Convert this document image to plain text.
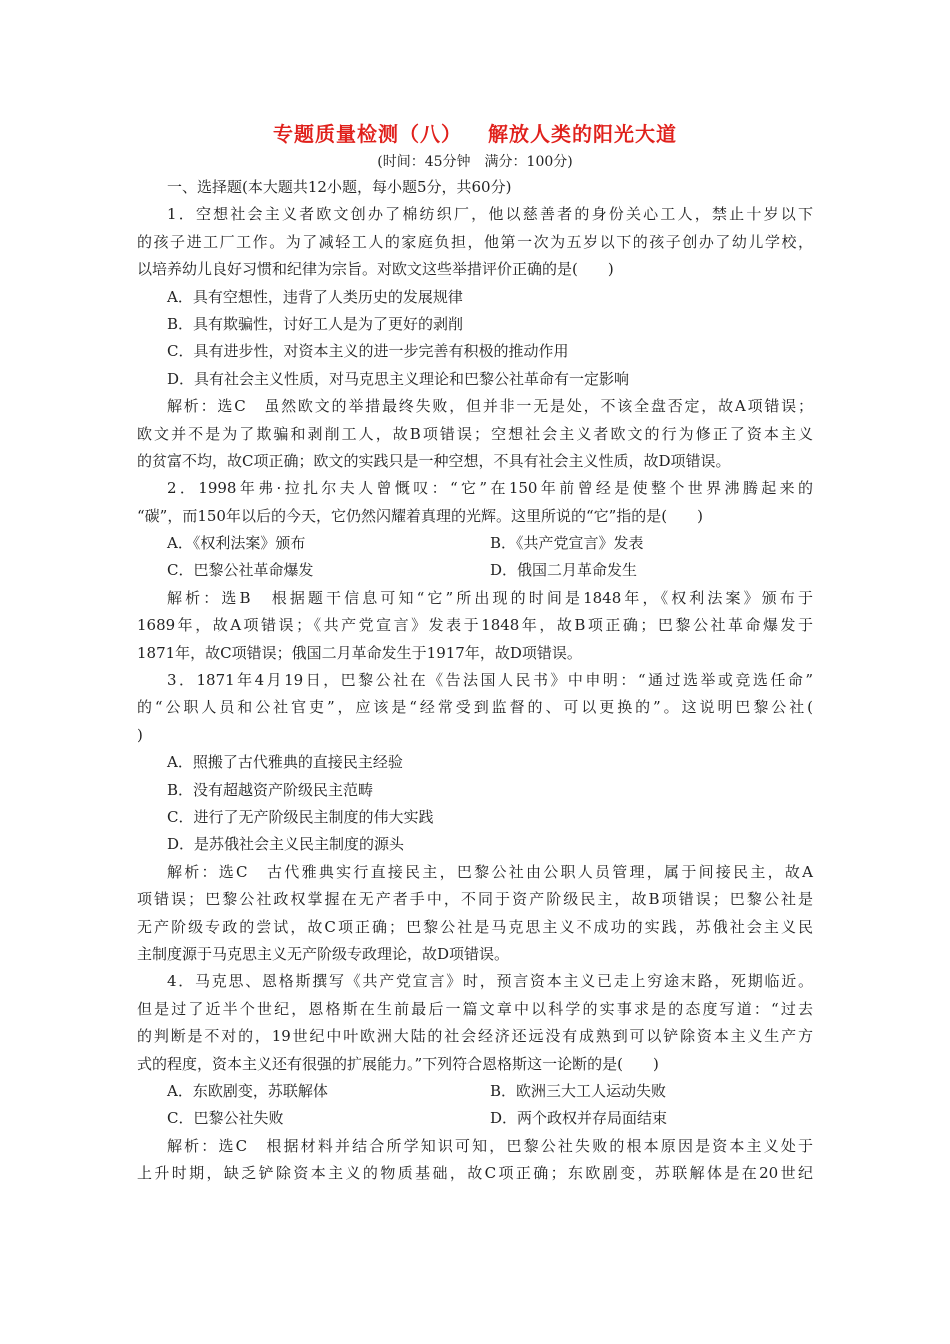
专题质量检测（八） 解放人类的阳光大道
(时间：45分钟　满分：100分)
一、选择题(本大题共12小题，每小题5分，共60分)
1．空想社会主义者欧文创办了棉纺织厂，他以慈善者的身份关心工人，禁止十岁以下
的孩子进工厂工作。为了减轻工人的家庭负担，他第一次为五岁以下的孩子创办了幼儿学校，
以培养幼儿良好习惯和纪律为宗旨。对欧文这些举措评价正确的是(　　)
A．具有空想性，违背了人类历史的发展规律
B．具有欺骗性，讨好工人是为了更好的剥削
C．具有进步性，对资本主义的进一步完善有积极的推动作用
D．具有社会主义性质，对马克思主义理论和巴黎公社革命有一定影响
解析：选C　虽然欧文的举措最终失败，但并非一无是处，不该全盘否定，故A项错误；
欧文并不是为了欺骗和剥削工人，故B项错误；空想社会主义者欧文的行为修正了资本主义
的贫富不均，故C项正确；欧文的实践只是一种空想，不具有社会主义性质，故D项错误。
2．1998年弗·拉扎尔夫人曾慨叹：“它”在150年前曾经是使整个世界沸腾起来的
“碳”，而150年以后的今天，它仍然闪耀着真理的光辉。这里所说的“它”指的是(　　)
A．《权利法案》颁布	B．《共产党宣言》发表
C．巴黎公社革命爆发	D．俄国二月革命发生
解析：选B　根据题干信息可知“它”所出现的时间是1848年，《权利法案》颁布于
1689年，故A项错误；《共产党宣言》发表于1848年，故B项正确；巴黎公社革命爆发于
1871年，故C项错误；俄国二月革命发生于1917年，故D项错误。
3．1871年4月19日，巴黎公社在《告法国人民书》中申明：“通过选举或竞选任命”
的“公职人员和公社官吏”，应该是“经常受到监督的、可以更换的”。这说明巴黎公社(
)
A．照搬了古代雅典的直接民主经验
B．没有超越资产阶级民主范畴
C．进行了无产阶级民主制度的伟大实践
D．是苏俄社会主义民主制度的源头
解析：选C　古代雅典实行直接民主，巴黎公社由公职人员管理，属于间接民主，故A
项错误；巴黎公社政权掌握在无产者手中，不同于资产阶级民主，故B项错误；巴黎公社是
无产阶级专政的尝试，故C项正确；巴黎公社是马克思主义不成功的实践，苏俄社会主义民
主制度源于马克思主义无产阶级专政理论，故D项错误。
4．马克思、恩格斯撰写《共产党宣言》时，预言资本主义已走上穷途末路，死期临近。
但是过了近半个世纪，恩格斯在生前最后一篇文章中以科学的实事求是的态度写道：“过去
的判断是不对的，19世纪中叶欧洲大陆的社会经济还远没有成熟到可以铲除资本主义生产方
式的程度，资本主义还有很强的扩展能力。”下列符合恩格斯这一论断的是(　　)
A．东欧剧变，苏联解体	B．欧洲三大工人运动失败
C．巴黎公社失败	D．两个政权并存局面结束
解析：选C　根据材料并结合所学知识可知，巴黎公社失败的根本原因是资本主义处于
上升时期，缺乏铲除资本主义的物质基础，故C项正确；东欧剧变，苏联解体是在20世纪
